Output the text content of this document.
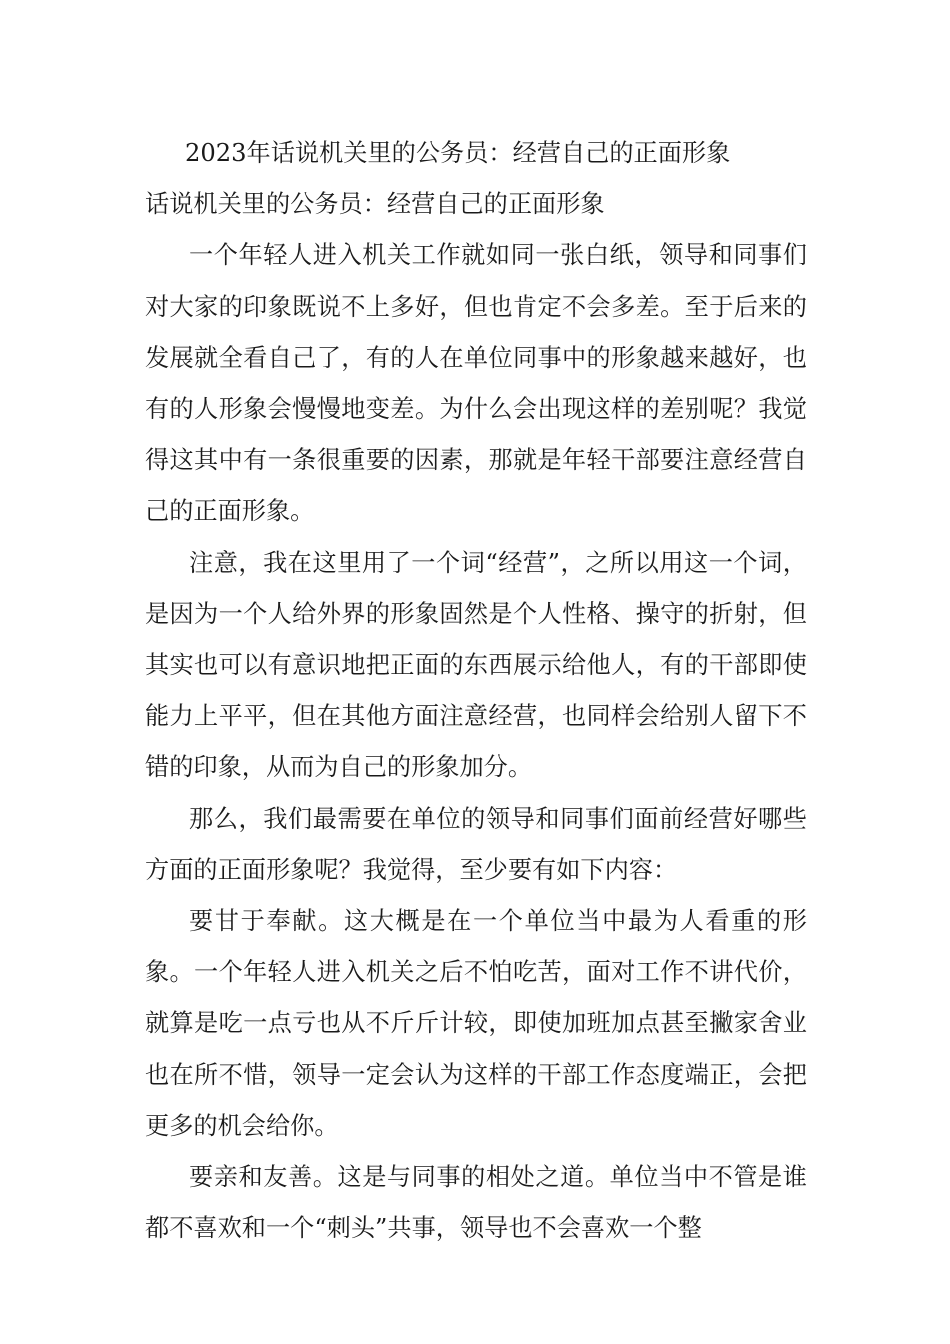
2023年话说机关里的公务员：经营自己的正面形象

话说机关里的公务员：经营自己的正面形象

一个年轻人进入机关工作就如同一张白纸，领导和同事们对大家的印象既说不上多好，但也肯定不会多差。至于后来的发展就全看自己了，有的人在单位同事中的形象越来越好，也有的人形象会慢慢地变差。为什么会出现这样的差别呢？我觉得这其中有一条很重要的因素，那就是年轻干部要注意经营自己的正面形象。

注意，我在这里用了一个词“经营”，之所以用这一个词，是因为一个人给外界的形象固然是个人性格、操守的折射，但其实也可以有意识地把正面的东西展示给他人，有的干部即使能力上平平，但在其他方面注意经营，也同样会给别人留下不错的印象，从而为自己的形象加分。

那么，我们最需要在单位的领导和同事们面前经营好哪些方面的正面形象呢？我觉得，至少要有如下内容：

要甘于奉献。这大概是在一个单位当中最为人看重的形象。一个年轻人进入机关之后不怕吃苦，面对工作不讲代价，就算是吃一点亏也从不斤斤计较，即使加班加点甚至撇家舍业也在所不惜，领导一定会认为这样的干部工作态度端正，会把更多的机会给你。

要亲和友善。这是与同事的相处之道。单位当中不管是谁都不喜欢和一个“刺头”共事，领导也不会喜欢一个整
